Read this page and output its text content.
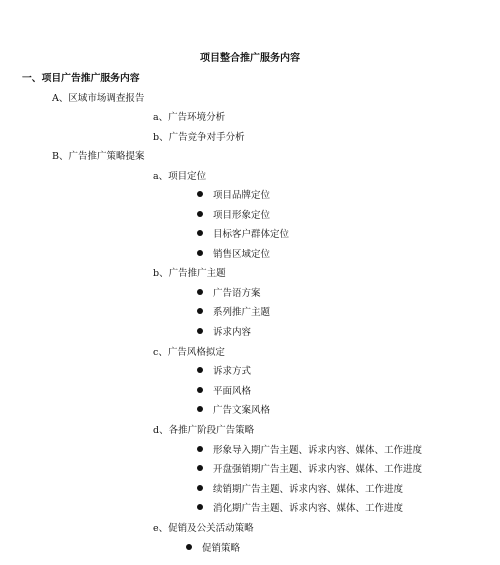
项目整合推广服务内容
一、项目广告推广服务内容
A、区域市场调查报告
a、广告环境分析
b、广告竞争对手分析
B、广告推广策略提案
a、项目定位
项目品牌定位
项目形象定位
目标客户群体定位
销售区域定位
b、广告推广主题
广告语方案
系列推广主题
诉求内容
c、广告风格拟定
诉求方式
平面风格
广告文案风格
d、各推广阶段广告策略
形象导入期广告主题、诉求内容、媒体、工作进度
开盘强销期广告主题、诉求内容、媒体、工作进度
续销期广告主题、诉求内容、媒体、工作进度
消化期广告主题、诉求内容、媒体、工作进度
e、促销及公关活动策略
促销策略
